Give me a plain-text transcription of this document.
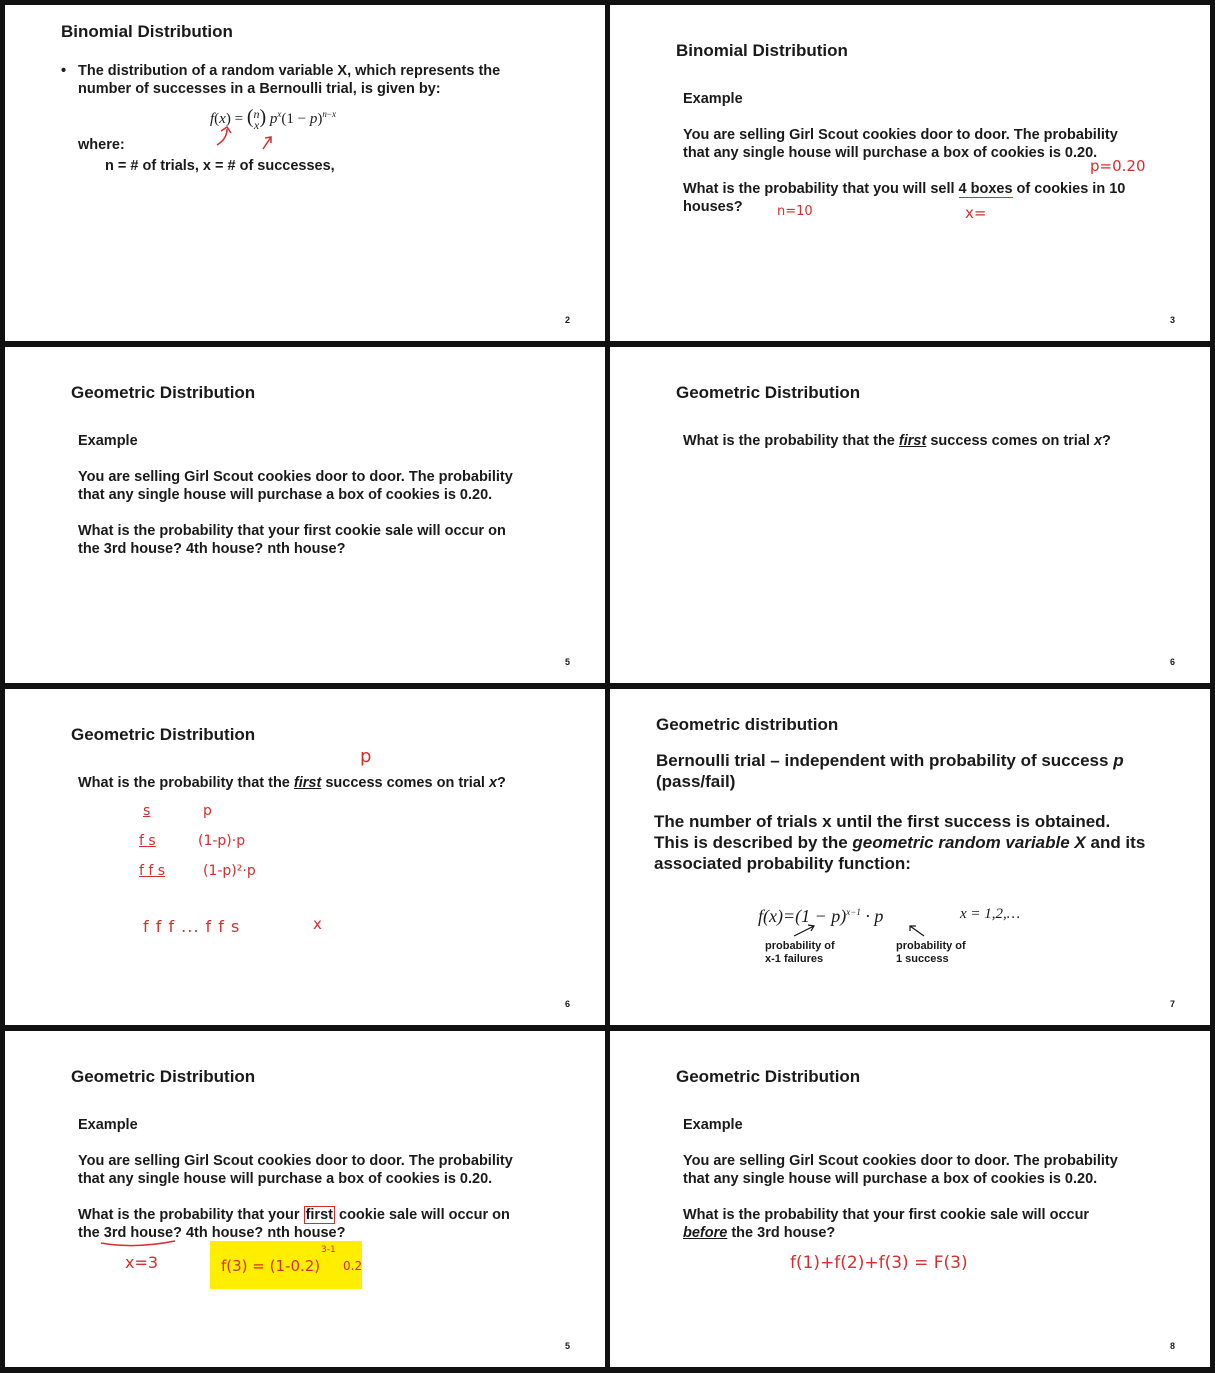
Binomial Distribution
• The distribution of a random variable X, which represents the
number of successes in a Bernoulli trial, is given by:
f(x) = (n
x) $p^x(1 - p)^{n-x}$
where:
n = # of trials, x = # of successes,
2
Binomial Distribution
Example
You are selling Girl Scout cookies door to door. The probability
that any single house will purchase a box of cookies is 0.20.
What is the probability that you will sell 4 boxes of cookies in 10
houses?
p=0.20
n=10	x=
3
Geometric Distribution
Example
You are selling Girl Scout cookies door to door. The probability
that any single house will purchase a box of cookies is 0.20.
What is the probability that your first cookie sale will occur on
the 3rd house? 4th house? nth house?
5
Geometric Distribution
What is the probability that the first success comes on trial x?
6
Geometric Distribution
What is the probability that the first success comes on trial x?
p
s	p
f s	(1-p)·p
f f s	(1-p)²·p
f f f ... f f s	x
6
Geometric distribution
Bernoulli trial – independent with probability of success p
(pass/fail)
The number of trials x until the first success is obtained.
This is described by the geometric random variable X and its
associated probability function:
$f(x)=(1 - p)^{x-1} \cdot p$	x = 1,2,…
probability of
x-1 failures
probability of
1 success
7
Geometric Distribution
Example
You are selling Girl Scout cookies door to door. The probability
that any single house will purchase a box of cookies is 0.20.
What is the probability that your first cookie sale will occur on
the 3rd house? 4th house? nth house?
x=3	f(3) = (1-0.2)
3-1
0.2
5
Geometric Distribution
Example
You are selling Girl Scout cookies door to door. The probability
that any single house will purchase a box of cookies is 0.20.
What is the probability that your first cookie sale will occur
before the 3rd house?
f(1)+f(2)+f(3) = F(3)
8
